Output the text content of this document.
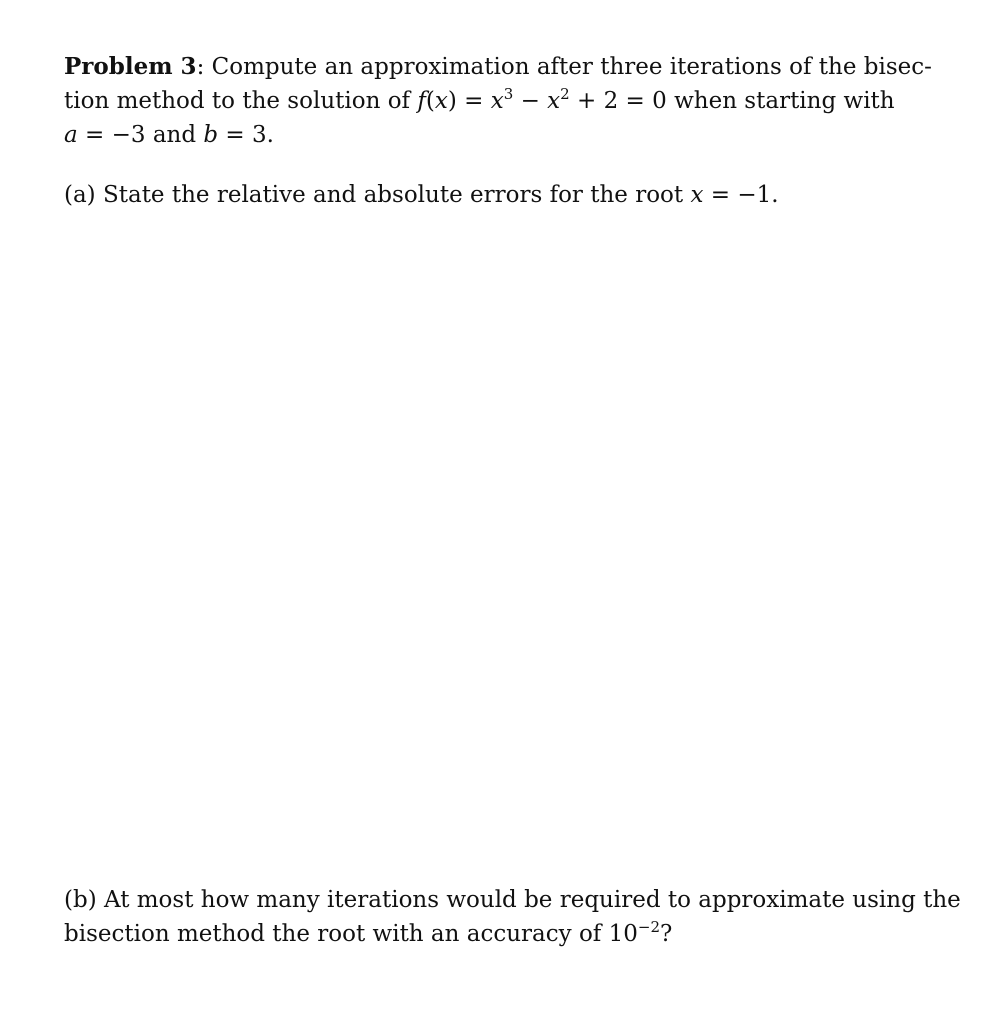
Problem 3: Compute an approximation after three iterations of the bisec-
tion method to the solution of $f(x) = x^3 - x^2 + 2 = 0$ when starting with
a = −3 and b = 3.
(a) State the relative and absolute errors for the root x = −1.
(b) At most how many iterations would be required to approximate using the
bisection method the root with an accuracy of $10^{-2}$?
